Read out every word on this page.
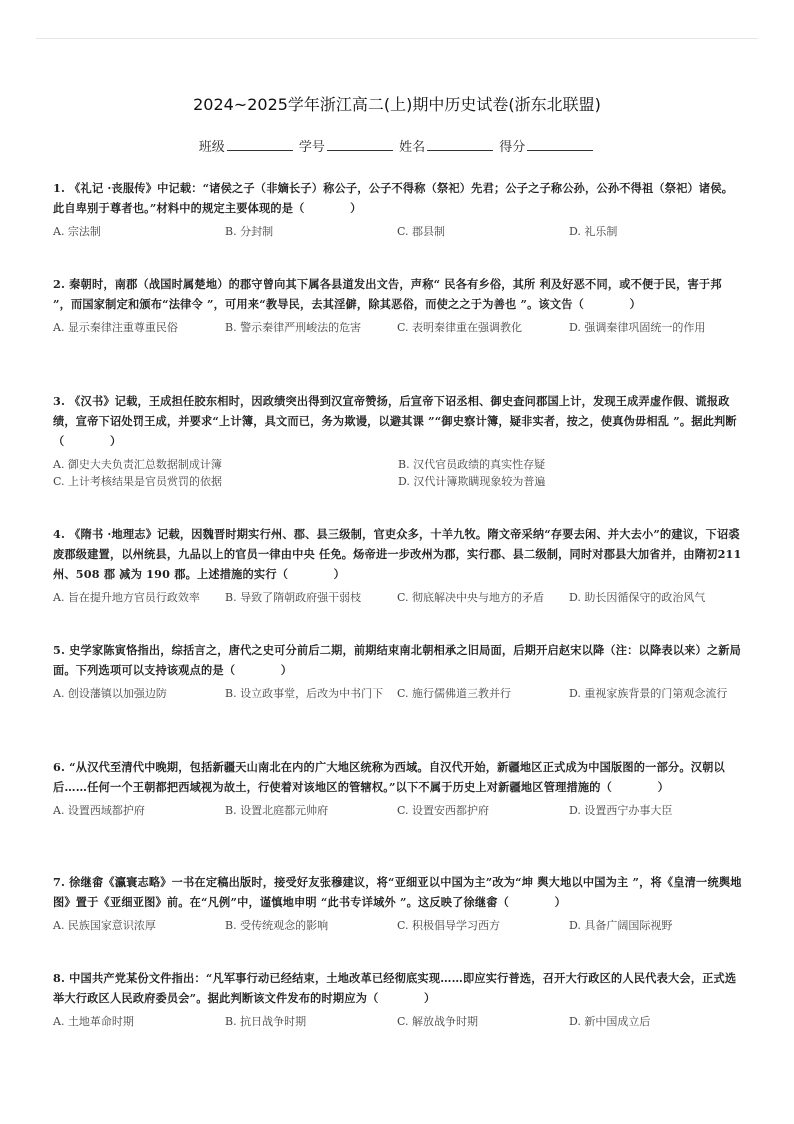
2024~2025学年浙江高二(上)期中历史试卷(浙东北联盟)
班级	学号	姓名	得分
1. 《礼记 ·丧服传》中记载：“诸侯之子（非嫡长子）称公子，公子不得称（祭祀）先君；公子之子称公孙，公孙不得祖（祭祀）诸侯。此自卑别于尊者也。”材料中的规定主要体现的是（　　　　）
A. 宗法制	B. 分封制	C. 郡县制	D. 礼乐制
2. 秦朝时，南郡（战国时属楚地）的郡守曾向其下属各县道发出文告，声称“ 民各有乡俗，其所 利及好恶不同，或不便于民，害于邦 ”，而国家制定和颁布“法律令 ”，可用来“教导民，去其淫僻，除其恶俗，而使之之于为善也 ”。该文告（　　　　）
A. 显示秦律注重尊重民俗	B. 警示秦律严刑峻法的危害	C. 表明秦律重在强调教化	D. 强调秦律巩固统一的作用
3. 《汉书》记载，王成担任胶东相时，因政绩突出得到汉宣帝赞扬，后宣帝下诏丞相、御史查问郡国上计，发现王成弄虚作假、谎报政绩，宣帝下诏处罚王成，并要求“上计簿，具文而已，务为欺谩，以避其课 ”“御史察计簿，疑非实者，按之，使真伪毋相乱 ”。据此判断（　　　　）
A. 御史大夫负责汇总数据制成计簿	B. 汉代官员政绩的真实性存疑
C. 上计考核结果是官员赏罚的依据	D. 汉代计簿欺瞒现象较为普遍
4. 《隋书 ·地理志》记载，因魏晋时期实行州、郡、县三级制，官吏众多，十羊九牧。隋文帝采纳“存要去闲、并大去小”的建议，下诏裘废郡级建置，以州统县，九品以上的官员一律由中央 任免。炀帝进一步改州为郡，实行郡、县二级制，同时对郡县大加省并，由隋初211州、508 郡 减为 190 郡。上述措施的实行（　　　　）
A. 旨在提升地方官员行政效率	B. 导致了隋朝政府强干弱枝	C. 彻底解决中央与地方的矛盾	D. 助长因循保守的政治风气
5. 史学家陈寅恪指出，综括言之，唐代之史可分前后二期，前期结束南北朝相承之旧局面，后期开启赵宋以降（注：以降表以来）之新局面。下列选项可以支持该观点的是（　　　　）
A. 创设藩镇以加强边防	B. 设立政事堂，后改为中书门下	C. 施行儒佛道三教并行	D. 重视家族背景的门第观念流行
6. “从汉代至清代中晚期，包括新疆天山南北在内的广大地区统称为西域。自汉代开始，新疆地区正式成为中国版图的一部分。汉朝以后……任何一个王朝都把西域视为故土，行使着对该地区的管辖权。”以下不属于历史上对新疆地区管理措施的（　　　　）
A. 设置西域都护府	B. 设置北庭都元帅府	C. 设置安西都护府	D. 设置西宁办事大臣
7. 徐继畬《瀛寰志略》一书在定稿出版时，接受好友张穆建议，将“亚细亚以中国为主”改为“坤 舆大地以中国为主 ”，将《皇清一统舆地图》置于《亚细亚图》前。在“凡例”中，谨慎地申明 “此书专详域外 ”。这反映了徐继畬（　　　　）
A. 民族国家意识浓厚	B. 受传统观念的影响	C. 积极倡导学习西方	D. 具备广阔国际视野
8. 中国共产党某份文件指出：“凡军事行动已经结束，土地改革已经彻底实现……即应实行普选，召开大行政区的人民代表大会，正式选举大行政区人民政府委员会”。据此判断该文件发布的时期应为（　　　　）
A. 土地革命时期	B. 抗日战争时期	C. 解放战争时期	D. 新中国成立后
